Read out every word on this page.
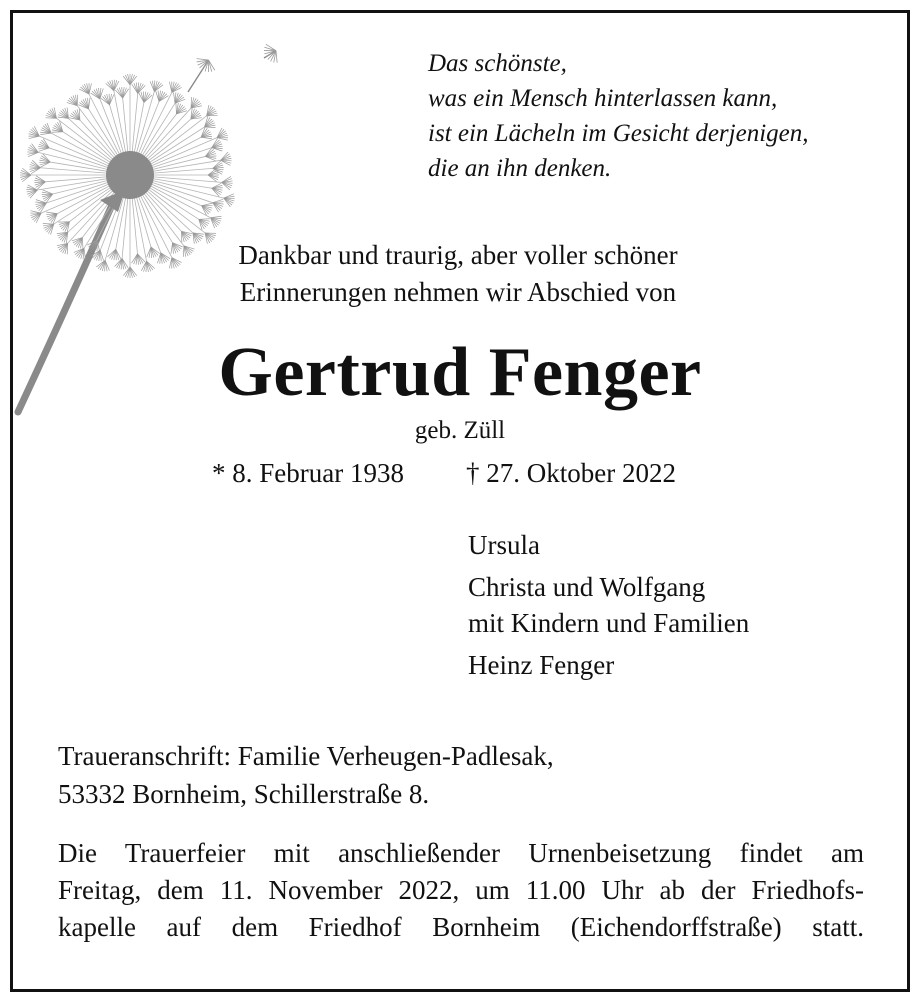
Das schönste,
was ein Mensch hinterlassen kann,
ist ein Lächeln im Gesicht derjenigen,
die an ihn denken.
Dankbar und traurig, aber voller schöner
Erinnerungen nehmen wir Abschied von
Gertrud Fenger
geb. Züll
* 8. Februar 1938 † 27. Oktober 2022
Ursula
Christa und Wolfgang
mit Kindern und Familien
Heinz Fenger
Traueranschrift: Familie Verheugen-Padlesak,
53332 Bornheim, Schillerstraße 8.
Die Trauerfeier mit anschließender Urnenbeisetzung findet am
Freitag, dem 11. November 2022, um 11.00 Uhr ab der Friedhofs-
kapelle auf dem Friedhof Bornheim (Eichendorffstraße) statt.
